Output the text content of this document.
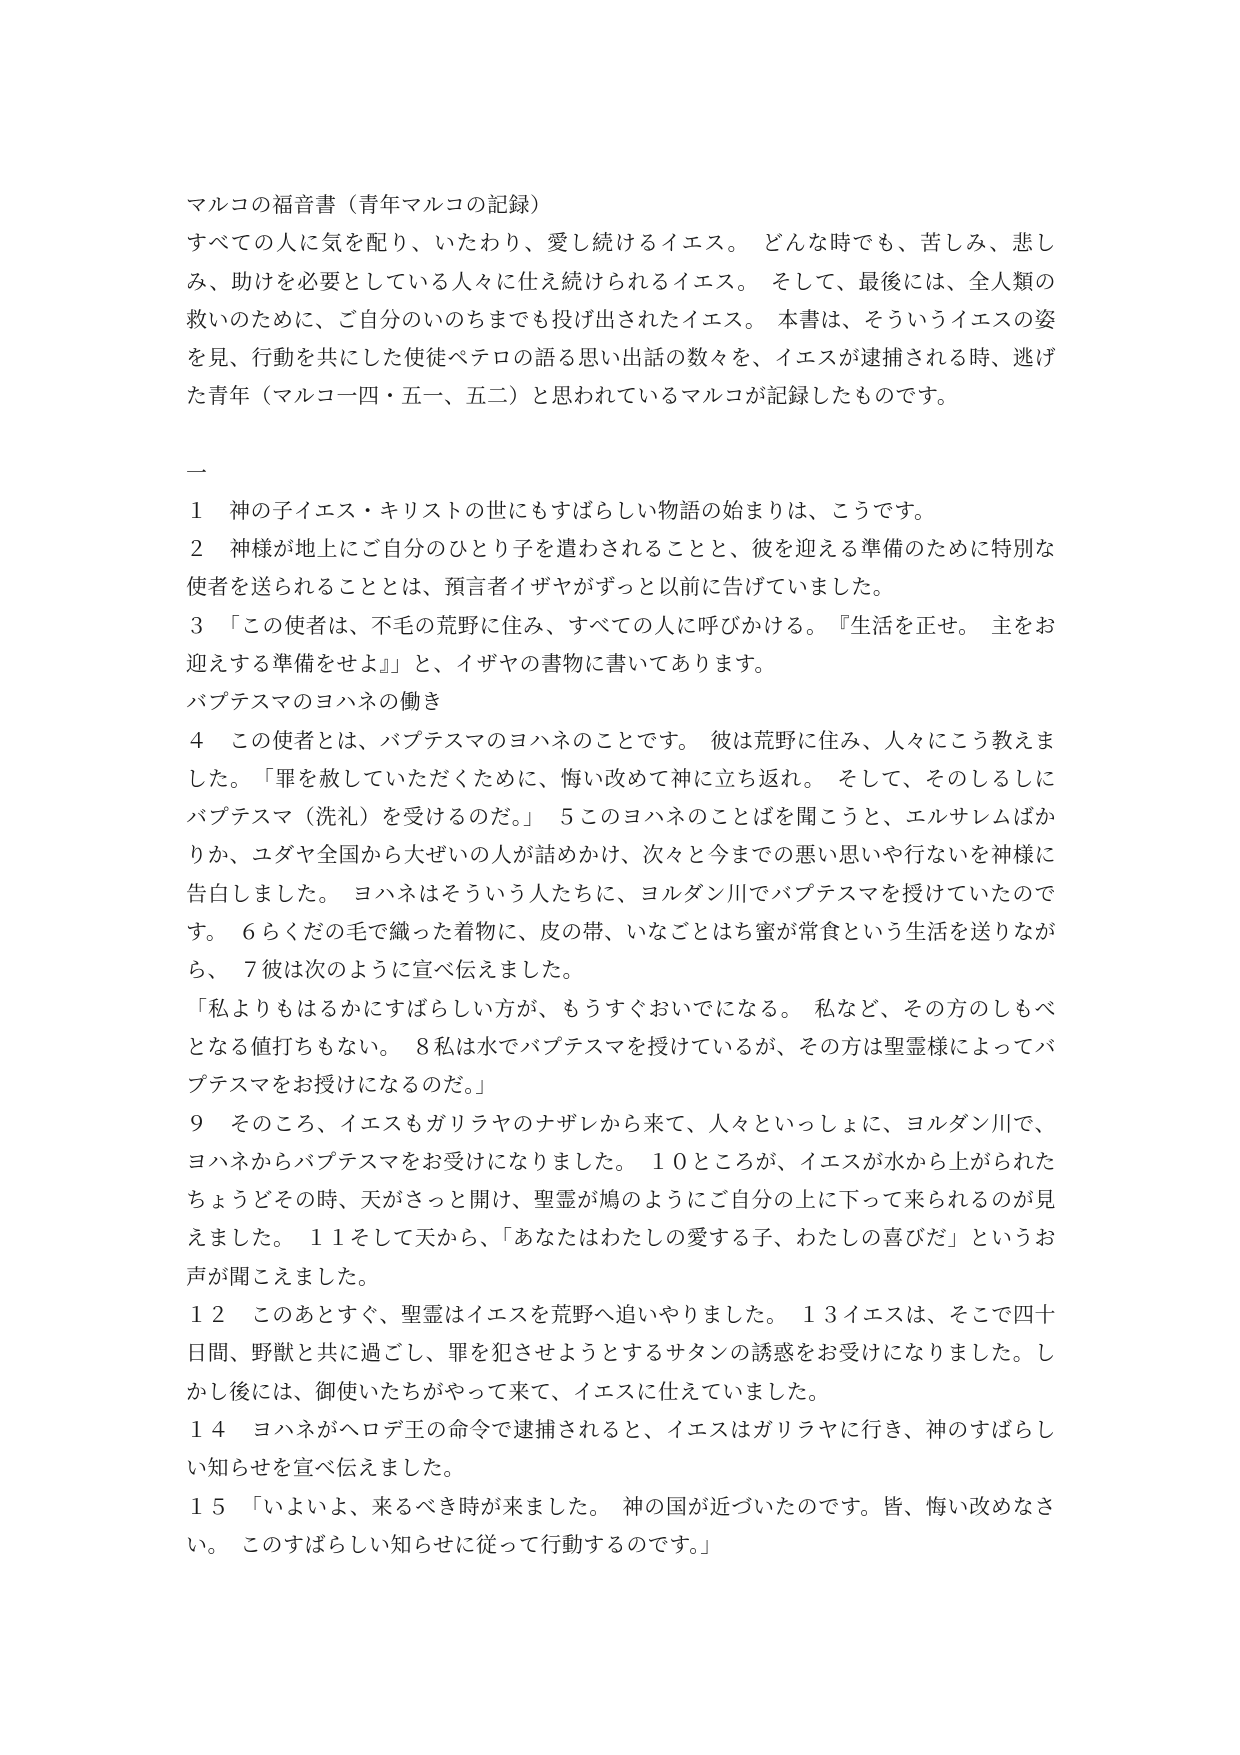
マルコの福音書（青年マルコの記録）

すべての人に気を配り、いたわり、愛し続けるイエス。　どんな時でも、苦しみ、悲しみ、助けを必要としている人々に仕え続けられるイエス。　そして、最後には、全人類の救いのために、ご自分のいのちまでも投げ出されたイエス。　本書は、そういうイエスの姿を見、行動を共にした使徒ペテロの語る思い出話の数々を、イエスが逮捕される時、逃げた青年（マルコ一四・五一、五二）と思われているマルコが記録したものです。

一

１　神の子イエス・キリストの世にもすばらしい物語の始まりは、こうです。

２　神様が地上にご自分のひとり子を遣わされることと、彼を迎える準備のために特別な使者を送られることとは、預言者イザヤがずっと以前に告げていました。

３　「この使者は、不毛の荒野に住み、すべての人に呼びかける。　『生活を正せ。　主をお迎えする準備をせよ』」と、イザヤの書物に書いてあります。

バプテスマのヨハネの働き

４　この使者とは、バプテスマのヨハネのことです。　彼は荒野に住み、人々にこう教えました。　「罪を赦していただくために、悔い改めて神に立ち返れ。　そして、そのしるしにバプテスマ（洗礼）を受けるのだ。」　５このヨハネのことばを聞こうと、エルサレムばかりか、ユダヤ全国から大ぜいの人が詰めかけ、次々と今までの悪い思いや行ないを神様に告白しました。　ヨハネはそういう人たちに、ヨルダン川でバプテスマを授けていたのです。　６らくだの毛で織った着物に、皮の帯、いなごとはち蜜が常食という生活を送りながら、　７彼は次のように宣べ伝えました。

「私よりもはるかにすばらしい方が、もうすぐおいでになる。　私など、その方のしもべとなる値打ちもない。　８私は水でバプテスマを授けているが、その方は聖霊様によってバプテスマをお授けになるのだ。」

９　そのころ、イエスもガリラヤのナザレから来て、人々といっしょに、ヨルダン川で、ヨハネからバプテスマをお受けになりました。　１０ところが、イエスが水から上がられたちょうどその時、天がさっと開け、聖霊が鳩のようにご自分の上に下って来られるのが見えました。　１１そして天から、「あなたはわたしの愛する子、わたしの喜びだ」というお声が聞こえました。

１２　このあとすぐ、聖霊はイエスを荒野へ追いやりました。　１３イエスは、そこで四十日間、野獣と共に過ごし、罪を犯させようとするサタンの誘惑をお受けになりました。しかし後には、御使いたちがやって来て、イエスに仕えていました。

１４　ヨハネがヘロデ王の命令で逮捕されると、イエスはガリラヤに行き、神のすばらしい知らせを宣べ伝えました。

１５　「いよいよ、来るべき時が来ました。　神の国が近づいたのです。皆、悔い改めなさい。　このすばらしい知らせに従って行動するのです。」
